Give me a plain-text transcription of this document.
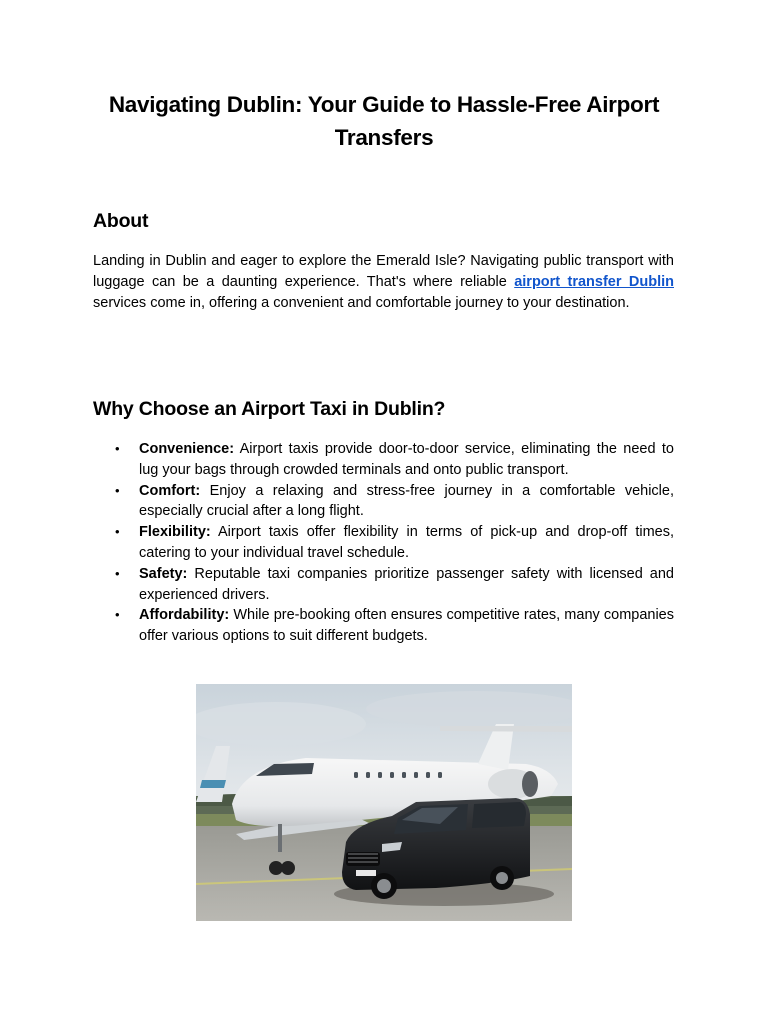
Navigating Dublin: Your Guide to Hassle-Free Airport Transfers
About

Landing in Dublin and eager to explore the Emerald Isle? Navigating public transport with luggage can be a daunting experience. That's where reliable airport transfer Dublin services come in, offering a convenient and comfortable journey to your destination.

Why Choose an Airport Taxi in Dublin?
• Convenience: Airport taxis provide door-to-door service, eliminating the need to lug your bags through crowded terminals and onto public transport.
• Comfort: Enjoy a relaxing and stress-free journey in a comfortable vehicle, especially crucial after a long flight.
• Flexibility: Airport taxis offer flexibility in terms of pick-up and drop-off times, catering to your individual travel schedule.
• Safety: Reputable taxi companies prioritize passenger safety with licensed and experienced drivers.
• Affordability: While pre-booking often ensures competitive rates, many companies offer various options to suit different budgets.
